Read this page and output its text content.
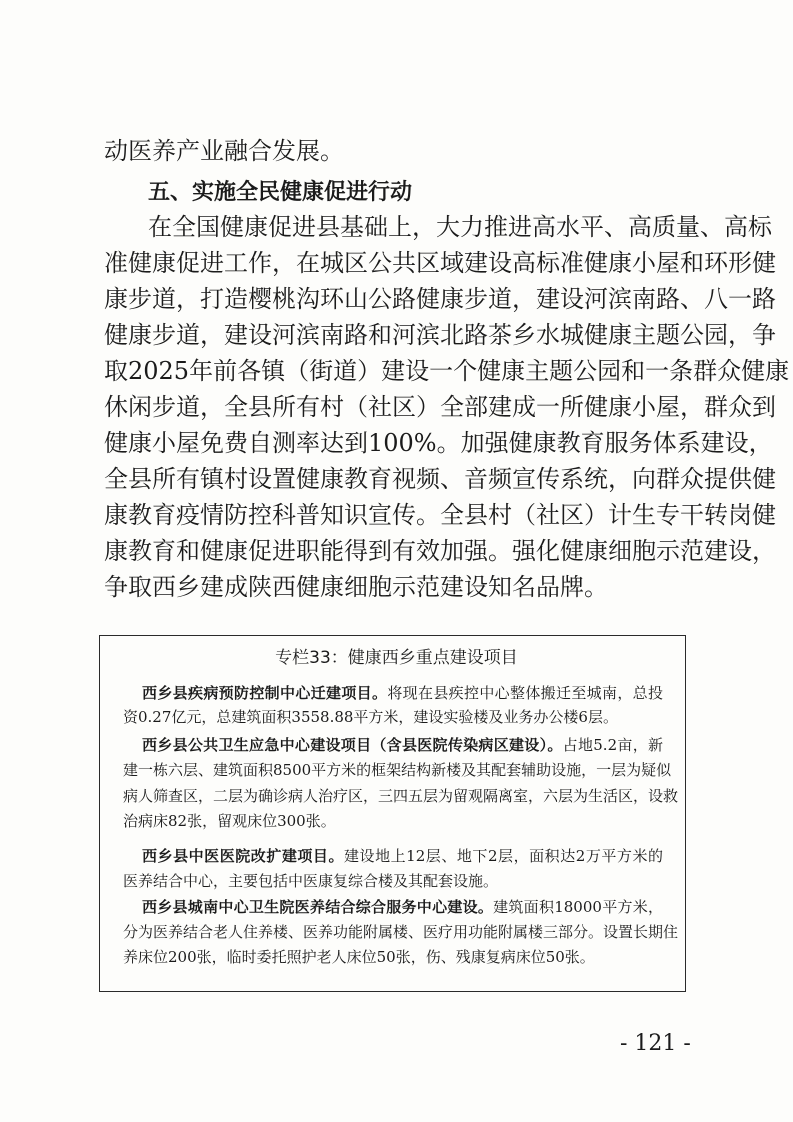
动医养产业融合发展。
五、实施全民健康促进行动
在全国健康促进县基础上，大力推进高水平、高质量、高标
准健康促进工作，在城区公共区域建设高标准健康小屋和环形健
康步道，打造樱桃沟环山公路健康步道，建设河滨南路、八一路
健康步道，建设河滨南路和河滨北路茶乡水城健康主题公园，争
取2025年前各镇（街道）建设一个健康主题公园和一条群众健康
休闲步道，全县所有村（社区）全部建成一所健康小屋，群众到
健康小屋免费自测率达到100%。加强健康教育服务体系建设，
全县所有镇村设置健康教育视频、音频宣传系统，向群众提供健
康教育疫情防控科普知识宣传。全县村（社区）计生专干转岗健
康教育和健康促进职能得到有效加强。强化健康细胞示范建设，
争取西乡建成陕西健康细胞示范建设知名品牌。
专栏33：健康西乡重点建设项目
西乡县疾病预防控制中心迁建项目。将现在县疾控中心整体搬迁至城南，总投
资0.27亿元，总建筑面积3558.88平方米，建设实验楼及业务办公楼6层。
西乡县公共卫生应急中心建设项目（含县医院传染病区建设）。占地5.2亩，新
建一栋六层、建筑面积8500平方米的框架结构新楼及其配套辅助设施，一层为疑似
病人筛查区，二层为确诊病人治疗区，三四五层为留观隔离室，六层为生活区，设救
治病床82张，留观床位300张。
西乡县中医医院改扩建项目。建设地上12层、地下2层，面积达2万平方米的
医养结合中心，主要包括中医康复综合楼及其配套设施。
西乡县城南中心卫生院医养结合综合服务中心建设。建筑面积18000平方米，
分为医养结合老人住养楼、医养功能附属楼、医疗用功能附属楼三部分。设置长期住
养床位200张，临时委托照护老人床位50张，伤、残康复病床位50张。
- 121 -
